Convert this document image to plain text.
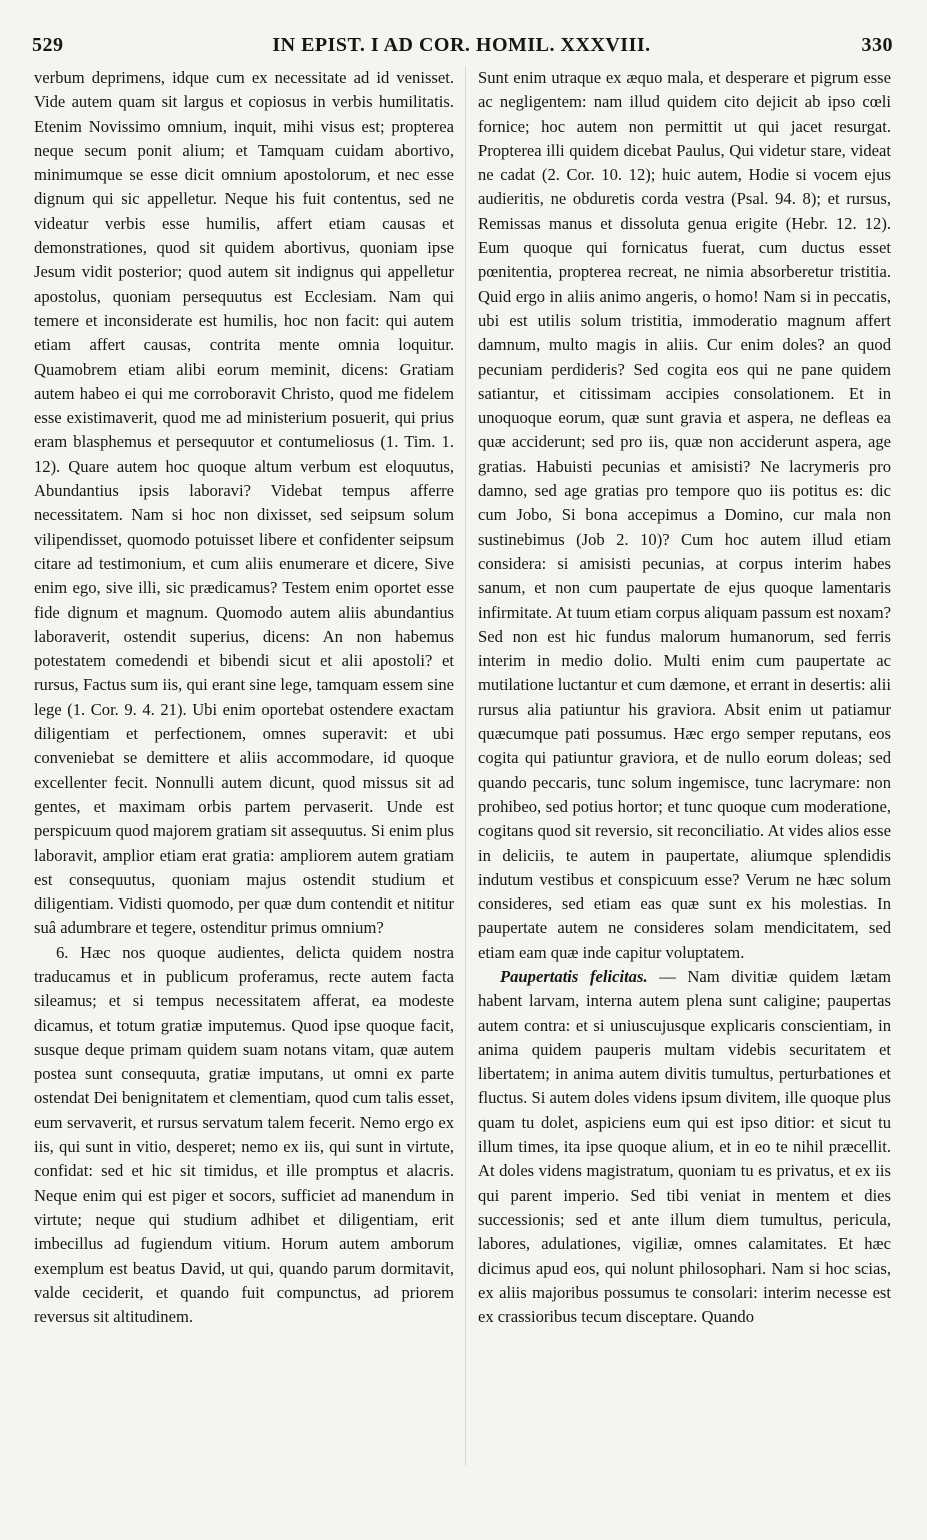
529	IN EPIST. I AD COR. HOMIL. XXXVIII.	330

verbum deprimens, idque cum ex necessitate ad id venisset. Vide autem quam sit largus et copiosus in verbis humilitatis. Etenim Novissimo omnium, inquit, mihi visus est; propterea neque secum ponit alium; et Tamquam cuidam abortivo, minimumque se esse dicit omnium apostolorum, et nec esse dignum qui sic appelletur. Neque his fuit contentus, sed ne videatur verbis esse humilis, affert etiam causas et demonstrationes, quod sit quidem abortivus, quoniam ipse Jesum vidit posterior; quod autem sit indignus qui appelletur apostolus, quoniam persequutus est Ecclesiam. Nam qui temere et inconsiderate est humilis, hoc non facit: qui autem etiam affert causas, contrita mente omnia loquitur. Quamobrem etiam alibi eorum meminit, dicens: Gratiam autem habeo ei qui me corroboravit Christo, quod me fidelem esse existimaverit, quod me ad ministerium posuerit, qui prius eram blasphemus et persequutor et contumeliosus (1. Tim. 1. 12). Quare autem hoc quoque altum verbum est eloquutus, Abundantius ipsis laboravi? Videbat tempus afferre necessitatem. Nam si hoc non dixisset, sed seipsum solum vilipendisset, quomodo potuisset libere et confidenter seipsum citare ad testimonium, et cum aliis enumerare et dicere, Sive enim ego, sive illi, sic prædicamus? Testem enim oportet esse fide dignum et magnum. Quomodo autem aliis abundantius laboraverit, ostendit superius, dicens: An non habemus potestatem comedendi et bibendi sicut et alii apostoli? et rursus, Factus sum iis, qui erant sine lege, tamquam essem sine lege (1. Cor. 9. 4. 21). Ubi enim oportebat ostendere exactam diligentiam et perfectionem, omnes superavit: et ubi conveniebat se demittere et aliis accommodare, id quoque excellenter fecit. Nonnulli autem dicunt, quod missus sit ad gentes, et maximam orbis partem pervaserit. Unde est perspicuum quod majorem gratiam sit assequutus. Si enim plus laboravit, amplior etiam erat gratia: ampliorem autem gratiam est consequutus, quoniam majus ostendit studium et diligentiam. Vidisti quomodo, per quæ dum contendit et nititur suâ adumbrare et tegere, ostenditur primus omnium?

6. Hæc nos quoque audientes, delicta quidem nostra traducamus et in publicum proferamus, recte autem facta sileamus; et si tempus necessitatem afferat, ea modeste dicamus, et totum gratiæ imputemus. Quod ipse quoque facit, susque deque primam quidem suam notans vitam, quæ autem postea sunt consequuta, gratiæ imputans, ut omni ex parte ostendat Dei benignitatem et clementiam, quod cum talis esset, eum servaverit, et rursus servatum talem fecerit. Nemo ergo ex iis, qui sunt in vitio, desperet; nemo ex iis, qui sunt in virtute, confidat: sed et hic sit timidus, et ille promptus et alacris. Neque enim qui est piger et socors, sufficiet ad manendum in virtute; neque qui studium adhibet et diligentiam, erit imbecillus ad fugiendum vitium. Horum autem amborum exemplum est beatus David, ut qui, quando parum dormitavit, valde ceciderit, et quando fuit compunctus, ad priorem reversus sit altitudinem.

Sunt enim utraque ex æquo mala, et desperare et pigrum esse ac negligentem: nam illud quidem cito dejicit ab ipso cœli fornice; hoc autem non permittit ut qui jacet resurgat. Propterea illi quidem dicebat Paulus, Qui videtur stare, videat ne cadat (2. Cor. 10. 12); huic autem, Hodie si vocem ejus audieritis, ne obduretis corda vestra (Psal. 94. 8); et rursus, Remissas manus et dissoluta genua erigite (Hebr. 12. 12). Eum quoque qui fornicatus fuerat, cum ductus esset pœnitentia, propterea recreat, ne nimia absorberetur tristitia. Quid ergo in aliis animo angeris, o homo! Nam si in peccatis, ubi est utilis solum tristitia, immoderatio magnum affert damnum, multo magis in aliis. Cur enim doles? an quod pecuniam perdideris? Sed cogita eos qui ne pane quidem satiantur, et citissimam accipies consolationem. Et in unoquoque eorum, quæ sunt gravia et aspera, ne defleas ea quæ acciderunt; sed pro iis, quæ non acciderunt aspera, age gratias. Habuisti pecunias et amisisti? Ne lacrymeris pro damno, sed age gratias pro tempore quo iis potitus es: dic cum Jobo, Si bona accepimus a Domino, cur mala non sustinebimus (Job 2. 10)? Cum hoc autem illud etiam considera: si amisisti pecunias, at corpus interim habes sanum, et non cum paupertate de ejus quoque lamentaris infirmitate. At tuum etiam corpus aliquam passum est noxam? Sed non est hic fundus malorum humanorum, sed ferris interim in medio dolio. Multi enim cum paupertate ac mutilatione luctantur et cum dæmone, et errant in desertis: alii rursus alia patiuntur his graviora. Absit enim ut patiamur quæcumque pati possumus. Hæc ergo semper reputans, eos cogita qui patiuntur graviora, et de nullo eorum doleas; sed quando peccaris, tunc solum ingemisce, tunc lacrymare: non prohibeo, sed potius hortor; et tunc quoque cum moderatione, cogitans quod sit reversio, sit reconciliatio. At vides alios esse in deliciis, te autem in paupertate, aliumque splendidis indutum vestibus et conspicuum esse? Verum ne hæc solum consideres, sed etiam eas quæ sunt ex his molestias. In paupertate autem ne consideres solam mendicitatem, sed etiam eam quæ inde capitur voluptatem.

Paupertatis felicitas. — Nam divitiæ quidem lætam habent larvam, interna autem plena sunt caligine; paupertas autem contra: et si uniuscujusque explicaris conscientiam, in anima quidem pauperis multam videbis securitatem et libertatem; in anima autem divitis tumultus, perturbationes et fluctus. Si autem doles videns ipsum divitem, ille quoque plus quam tu dolet, aspiciens eum qui est ipso ditior: et sicut tu illum times, ita ipse quoque alium, et in eo te nihil præcellit. At doles videns magistratum, quoniam tu es privatus, et ex iis qui parent imperio. Sed tibi veniat in mentem et dies successionis; sed et ante illum diem tumultus, pericula, labores, adulationes, vigiliæ, omnes calamitates. Et hæc dicimus apud eos, qui nolunt philosophari. Nam si hoc scias, ex aliis majoribus possumus te consolari: interim necesse est ex crassioribus tecum disceptare. Quando
